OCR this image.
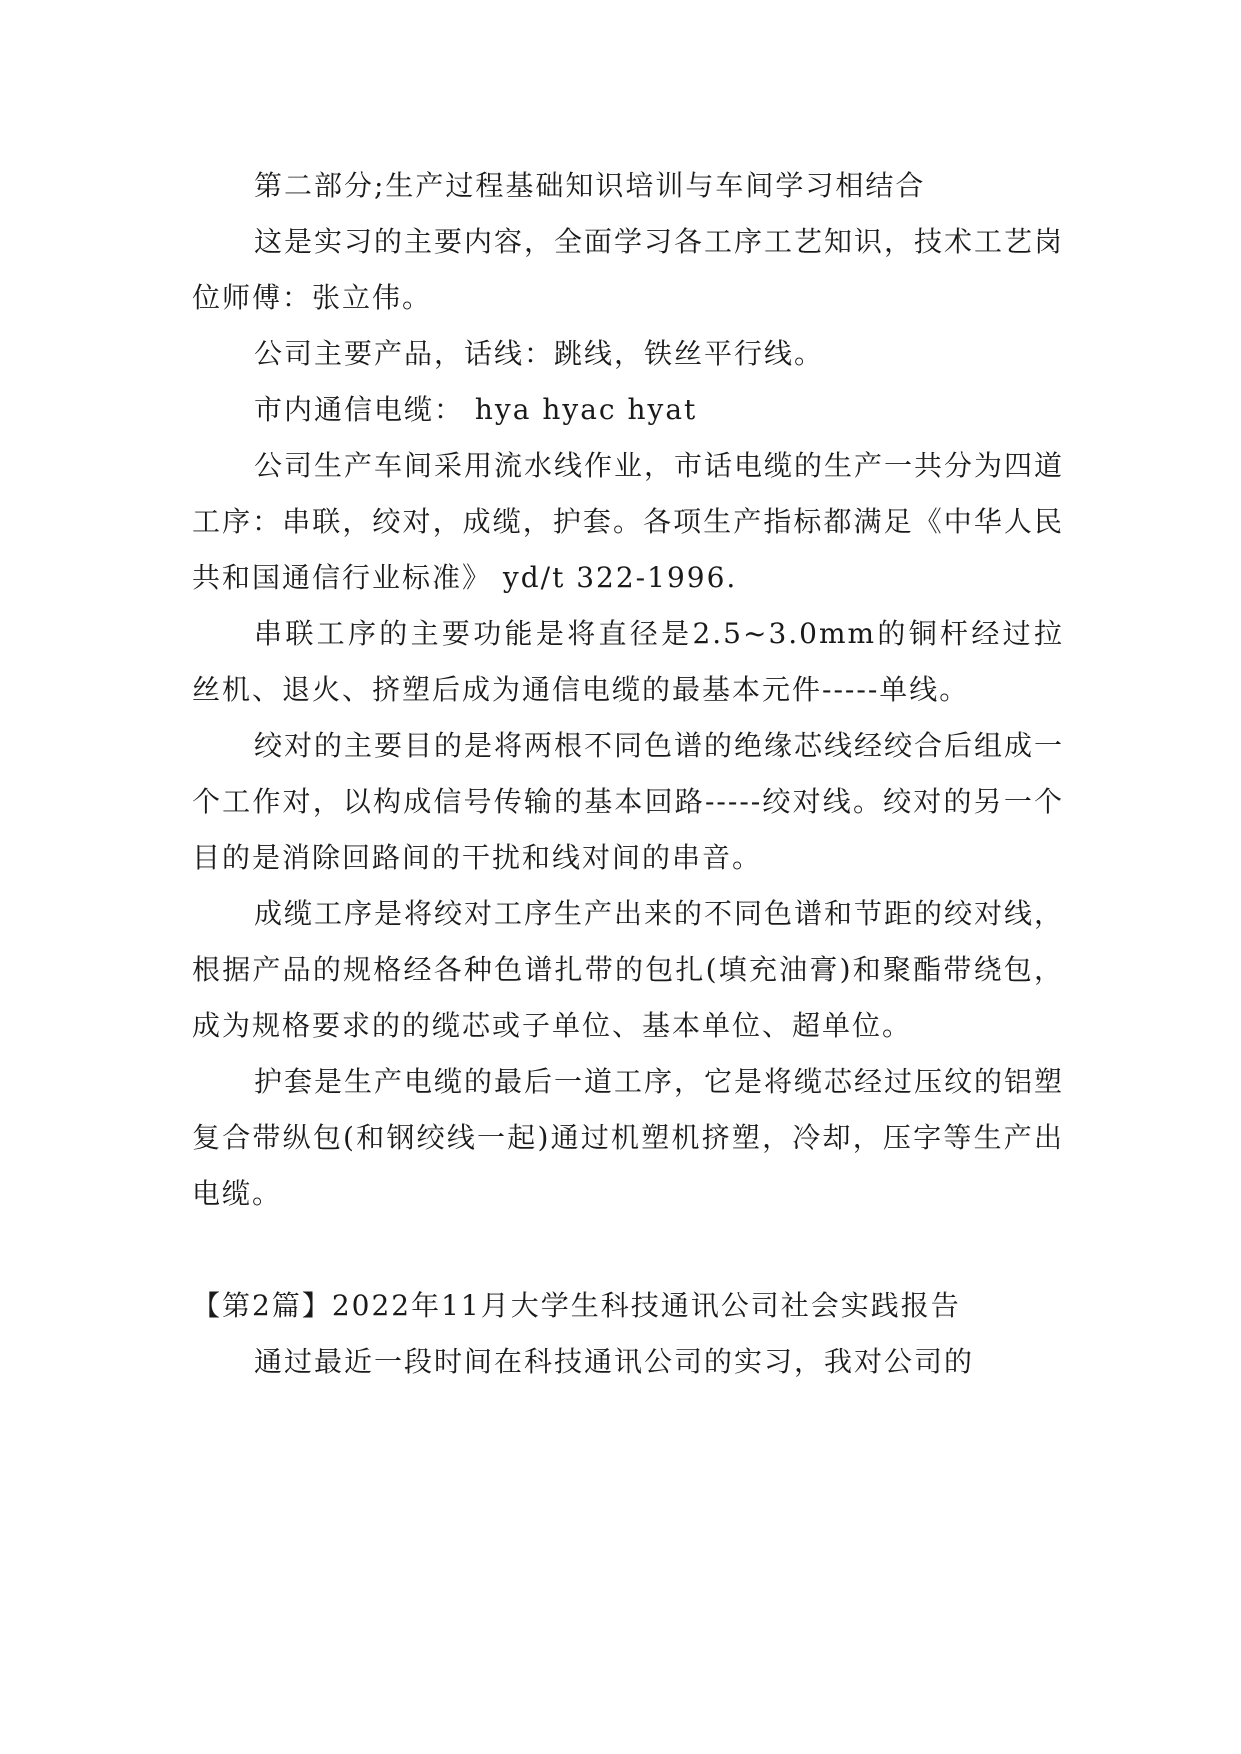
第二部分;生产过程基础知识培训与车间学习相结合

这是实习的主要内容，全面学习各工序工艺知识，技术工艺岗位师傅：张立伟。

公司主要产品，话线：跳线，铁丝平行线。

市内通信电缆： hya hyac hyat

公司生产车间采用流水线作业，市话电缆的生产一共分为四道工序：串联，绞对，成缆，护套。各项生产指标都满足《中华人民共和国通信行业标准》 yd/t 322-1996.

串联工序的主要功能是将直径是2.5~3.0mm的铜杆经过拉丝机、退火、挤塑后成为通信电缆的最基本元件-----单线。

绞对的主要目的是将两根不同色谱的绝缘芯线经绞合后组成一个工作对，以构成信号传输的基本回路-----绞对线。绞对的另一个目的是消除回路间的干扰和线对间的串音。

成缆工序是将绞对工序生产出来的不同色谱和节距的绞对线，根据产品的规格经各种色谱扎带的包扎(填充油膏)和聚酯带绕包，成为规格要求的的缆芯或子单位、基本单位、超单位。

护套是生产电缆的最后一道工序，它是将缆芯经过压纹的铝塑复合带纵包(和钢绞线一起)通过机塑机挤塑，冷却，压字等生产出电缆。

【第2篇】2022年11月大学生科技通讯公司社会实践报告

通过最近一段时间在科技通讯公司的实习，我对公司的
